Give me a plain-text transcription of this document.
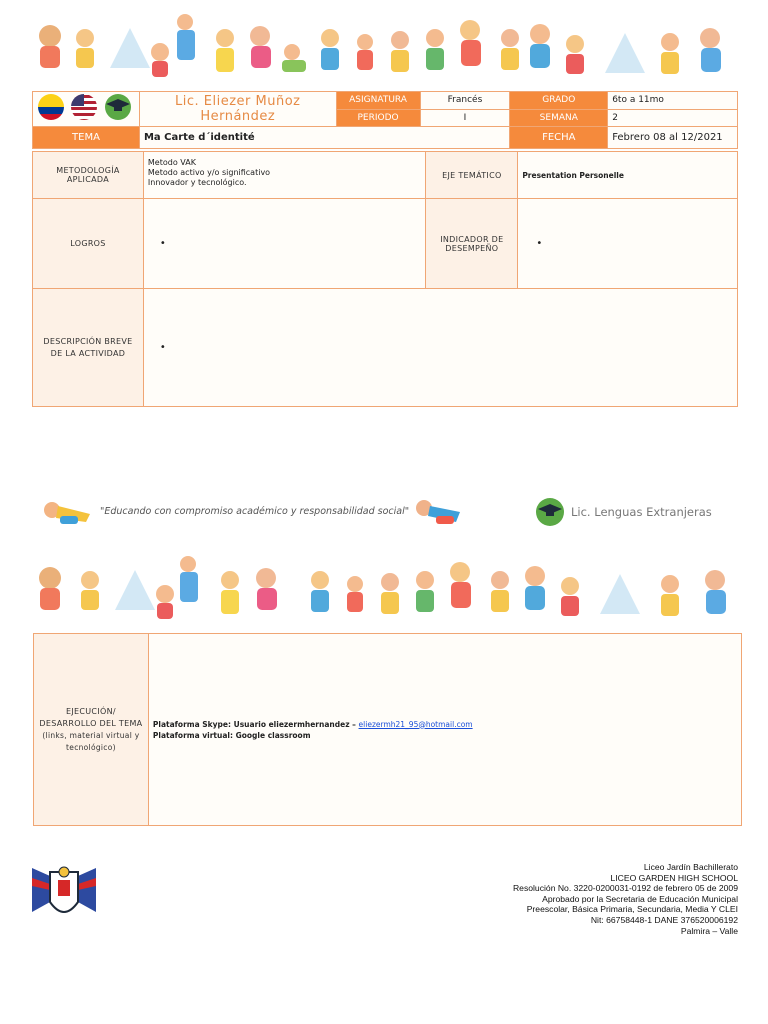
	Lic. Eliezer Muñoz Hernández	ASIGNATURA	Francés	GRADO	6to a 11mo
		PERIODO	I	SEMANA	2
TEMA	Ma Carte d´identité			FECHA	Febrero 08 al 12/2021
METODOLOGÍA APLICADA	Metodo VAK
Metodo activo y/o significativo
Innovador y tecnológico.	EJE TEMÁTICO	Presentation Personelle
LOGROS	•	INDICADOR DE DESEMPEÑO	•
DESCRIPCIÓN BREVE DE LA ACTIVIDAD	•		
"Educando con compromiso académico y responsabilidad social"	Lic. Lenguas Extranjeras
EJECUCIÓN/
DESARROLLO DEL TEMA
(links, material virtual y tecnológico)

Plataforma Skype: Usuario eliezermhernandez – eliezermh21_95@hotmail.com
Plataforma virtual: Google classroom
Liceo Jardín Bachillerato
LICEO GARDEN HIGH SCHOOL
Resolución No. 3220-0200031-0192 de febrero 05 de 2009
Aprobado por la Secretaria de Educación Municipal
Preescolar, Básica Primaria, Secundaria, Media Y CLEI
Nit: 66758448-1 DANE 376520006192
Palmira – Valle
